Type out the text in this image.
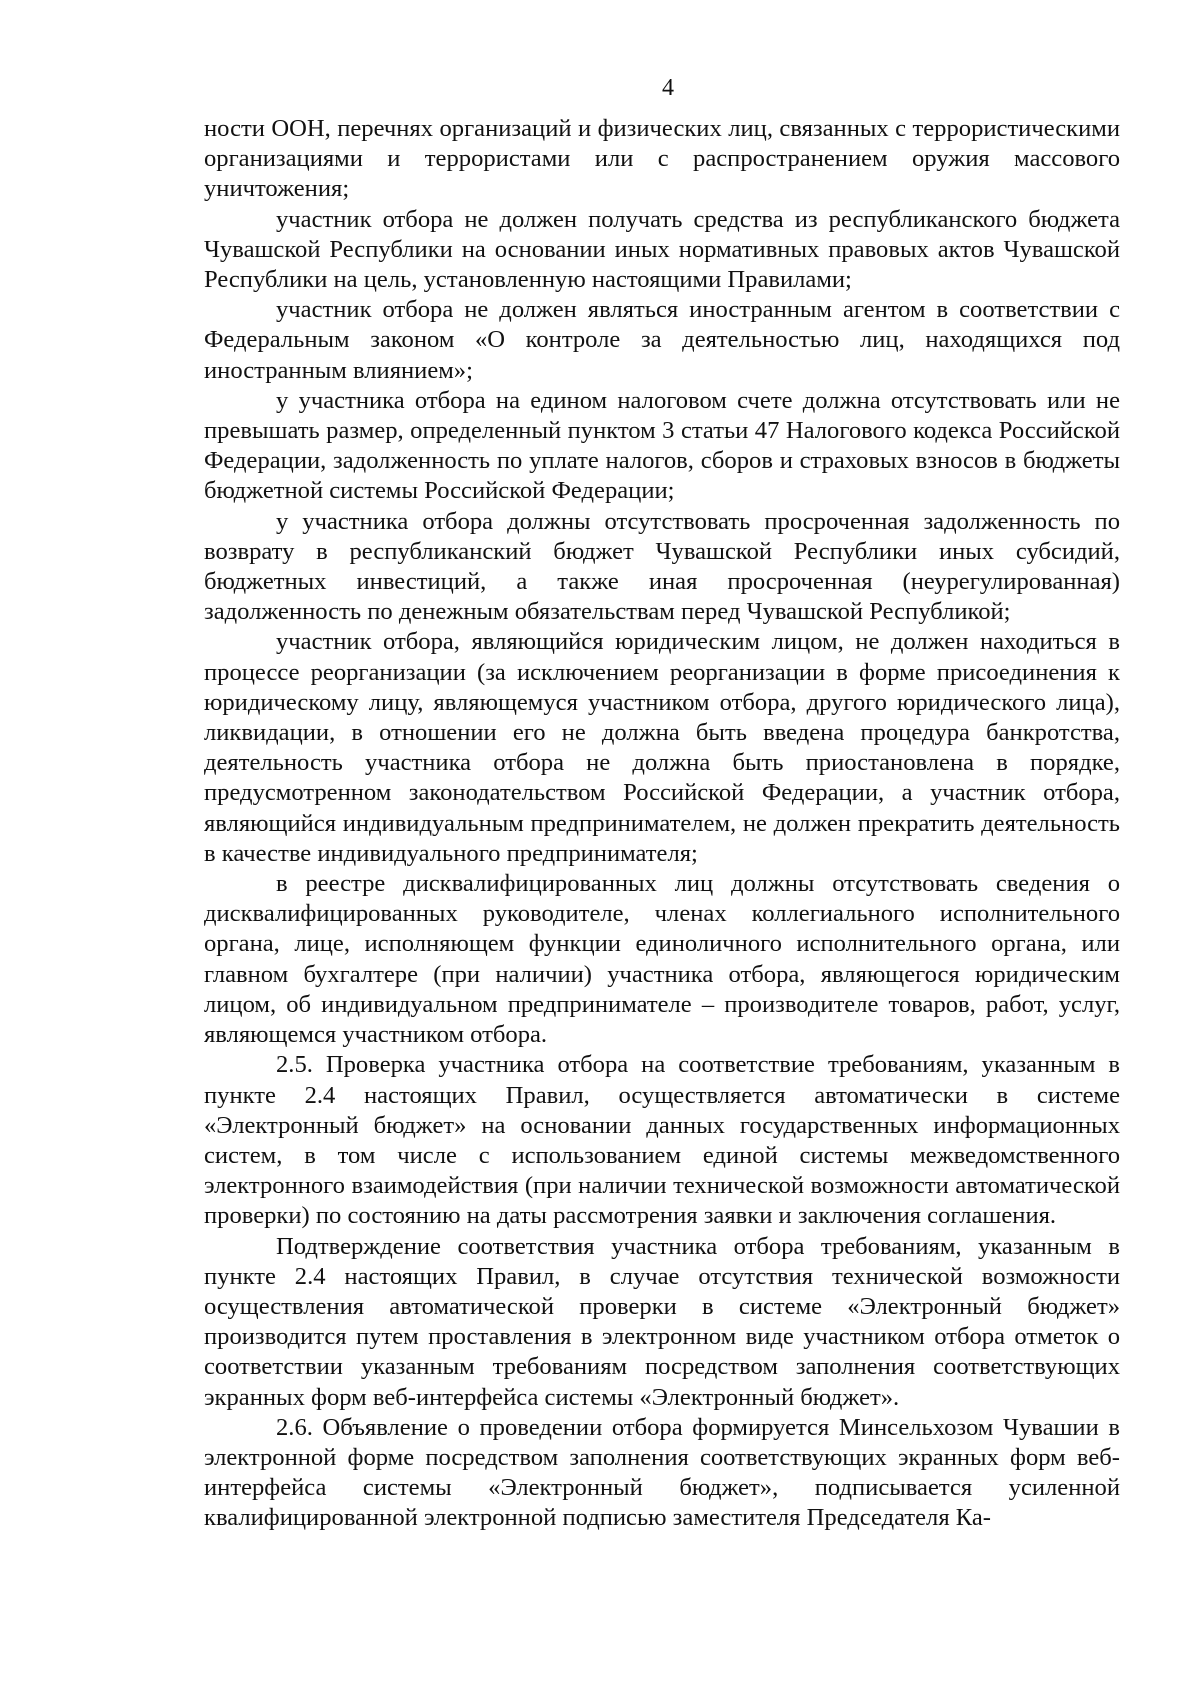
4

ности ООН, перечнях организаций и физических лиц, связанных с террористическими организациями и террористами или с распространением оружия массового уничтожения;

участник отбора не должен получать средства из республиканского бюджета Чувашской Республики на основании иных нормативных правовых актов Чувашской Республики на цель, установленную настоящими Правилами;

участник отбора не должен являться иностранным агентом в соответствии с Федеральным законом «О контроле за деятельностью лиц, находящихся под иностранным влиянием»;

у участника отбора на едином налоговом счете должна отсутствовать или не превышать размер, определенный пунктом 3 статьи 47 Налогового кодекса Российской Федерации, задолженность по уплате налогов, сборов и страховых взносов в бюджеты бюджетной системы Российской Федерации;

у участника отбора должны отсутствовать просроченная задолженность по возврату в республиканский бюджет Чувашской Республики иных субсидий, бюджетных инвестиций, а также иная просроченная (неурегулированная) задолженность по денежным обязательствам перед Чувашской Республикой;

участник отбора, являющийся юридическим лицом, не должен находиться в процессе реорганизации (за исключением реорганизации в форме присоединения к юридическому лицу, являющемуся участником отбора, другого юридического лица), ликвидации, в отношении его не должна быть введена процедура банкротства, деятельность участника отбора не должна быть приостановлена в порядке, предусмотренном законодательством Российской Федерации, а участник отбора, являющийся индивидуальным предпринимателем, не должен прекратить деятельность в качестве индивидуального предпринимателя;

в реестре дисквалифицированных лиц должны отсутствовать сведения о дисквалифицированных руководителе, членах коллегиального исполнительного органа, лице, исполняющем функции единоличного исполнительного органа, или главном бухгалтере (при наличии) участника отбора, являющегося юридическим лицом, об индивидуальном предпринимателе – производителе товаров, работ, услуг, являющемся участником отбора.

2.5. Проверка участника отбора на соответствие требованиям, указанным в пункте 2.4 настоящих Правил, осуществляется автоматически в системе «Электронный бюджет» на основании данных государственных информационных систем, в том числе с использованием единой системы межведомственного электронного взаимодействия (при наличии технической возможности автоматической проверки) по состоянию на даты рассмотрения заявки и заключения соглашения.

Подтверждение соответствия участника отбора требованиям, указанным в пункте 2.4 настоящих Правил, в случае отсутствия технической возможности осуществления автоматической проверки в системе «Электронный бюджет» производится путем проставления в электронном виде участником отбора отметок о соответствии указанным требованиям посредством заполнения соответствующих экранных форм веб-интерфейса системы «Электронный бюджет».

2.6. Объявление о проведении отбора формируется Минсельхозом Чувашии в электронной форме посредством заполнения соответствующих экранных форм веб-интерфейса системы «Электронный бюджет», подписывается усиленной квалифицированной электронной подписью заместителя Председателя Ка-
